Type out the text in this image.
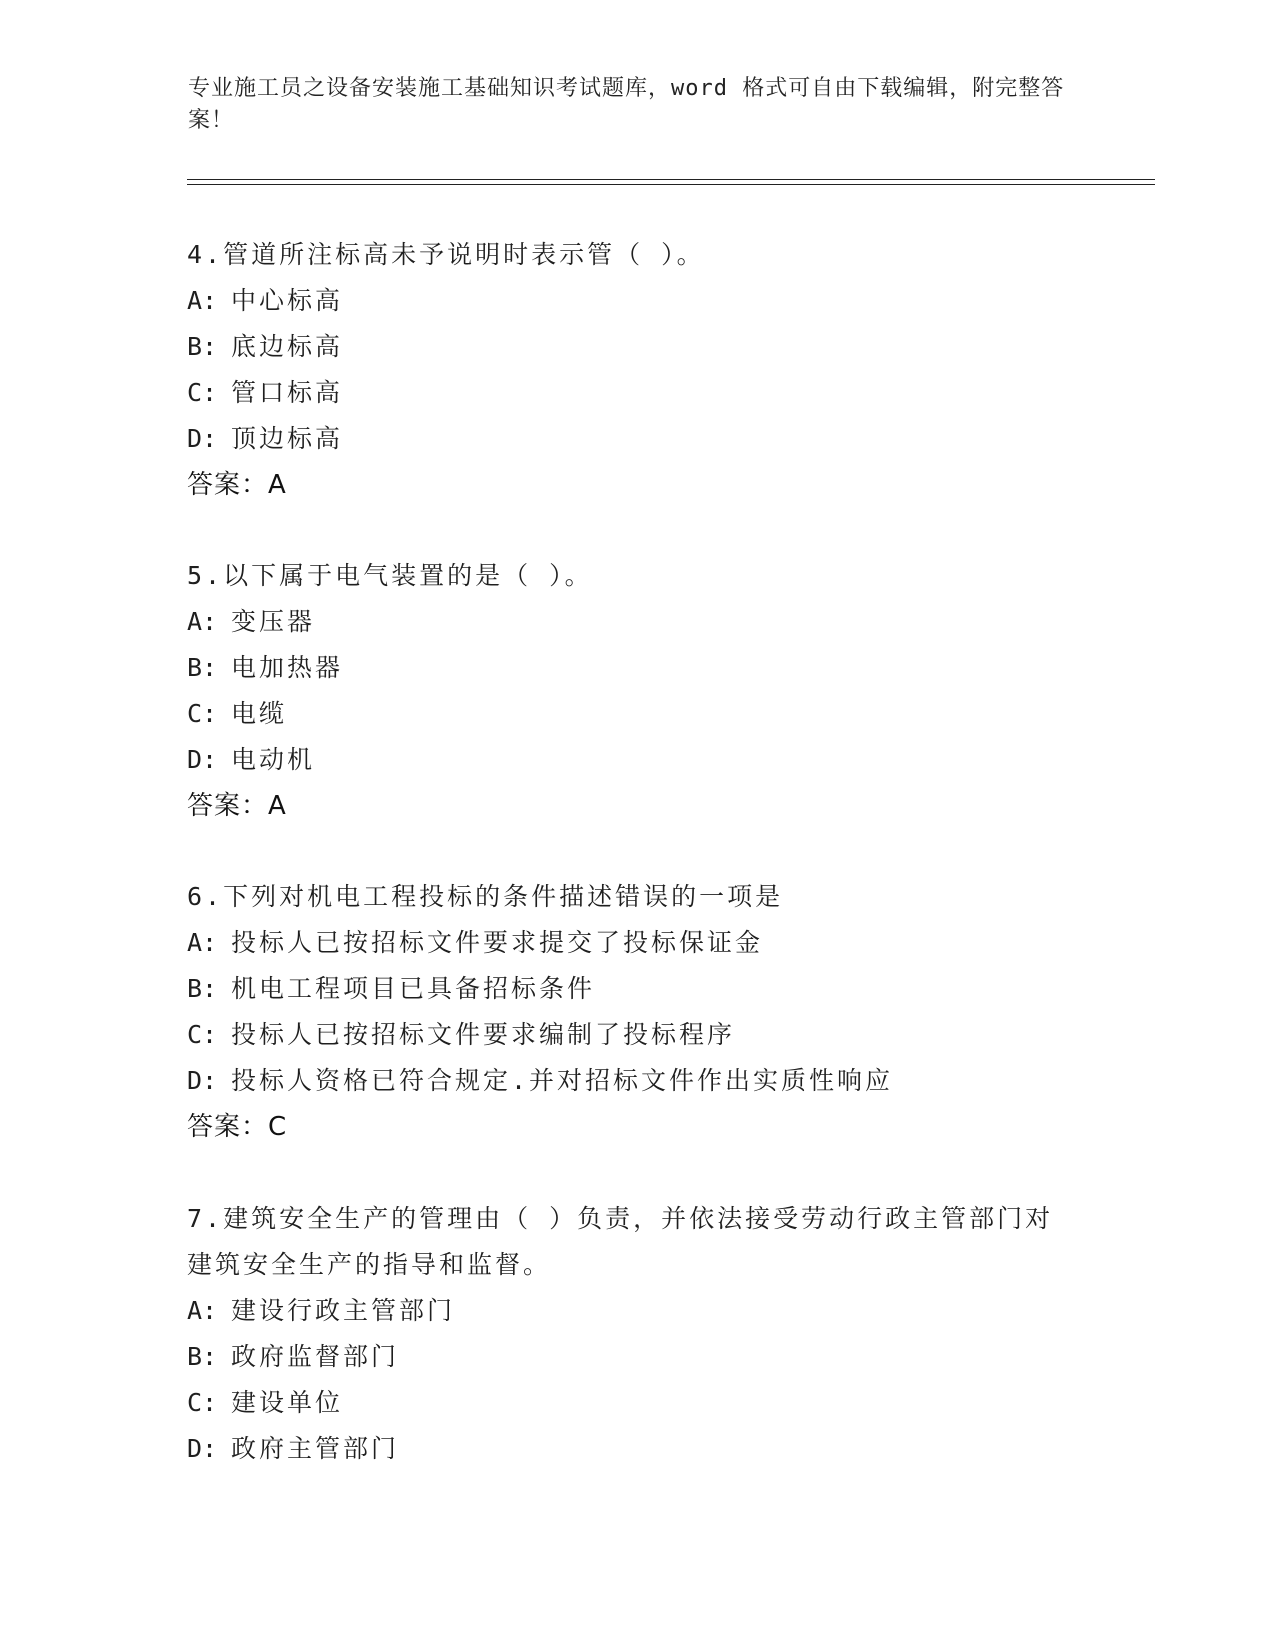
专业施工员之设备安装施工基础知识考试题库，word 格式可自由下载编辑，附完整答案！
4.管道所注标高未予说明时表示管（ ）。
A: 中心标高
B: 底边标高
C: 管口标高
D: 顶边标高
答案：A
5.以下属于电气装置的是（ ）。
A: 变压器
B: 电加热器
C: 电缆
D: 电动机
答案：A
6.下列对机电工程投标的条件描述错误的一项是
A: 投标人已按招标文件要求提交了投标保证金
B: 机电工程项目已具备招标条件
C: 投标人已按招标文件要求编制了投标程序
D: 投标人资格已符合规定.并对招标文件作出实质性响应
答案：C
7.建筑安全生产的管理由（ ）负责，并依法接受劳动行政主管部门对建筑安全生产的指导和监督。
A: 建设行政主管部门
B: 政府监督部门
C: 建设单位
D: 政府主管部门
